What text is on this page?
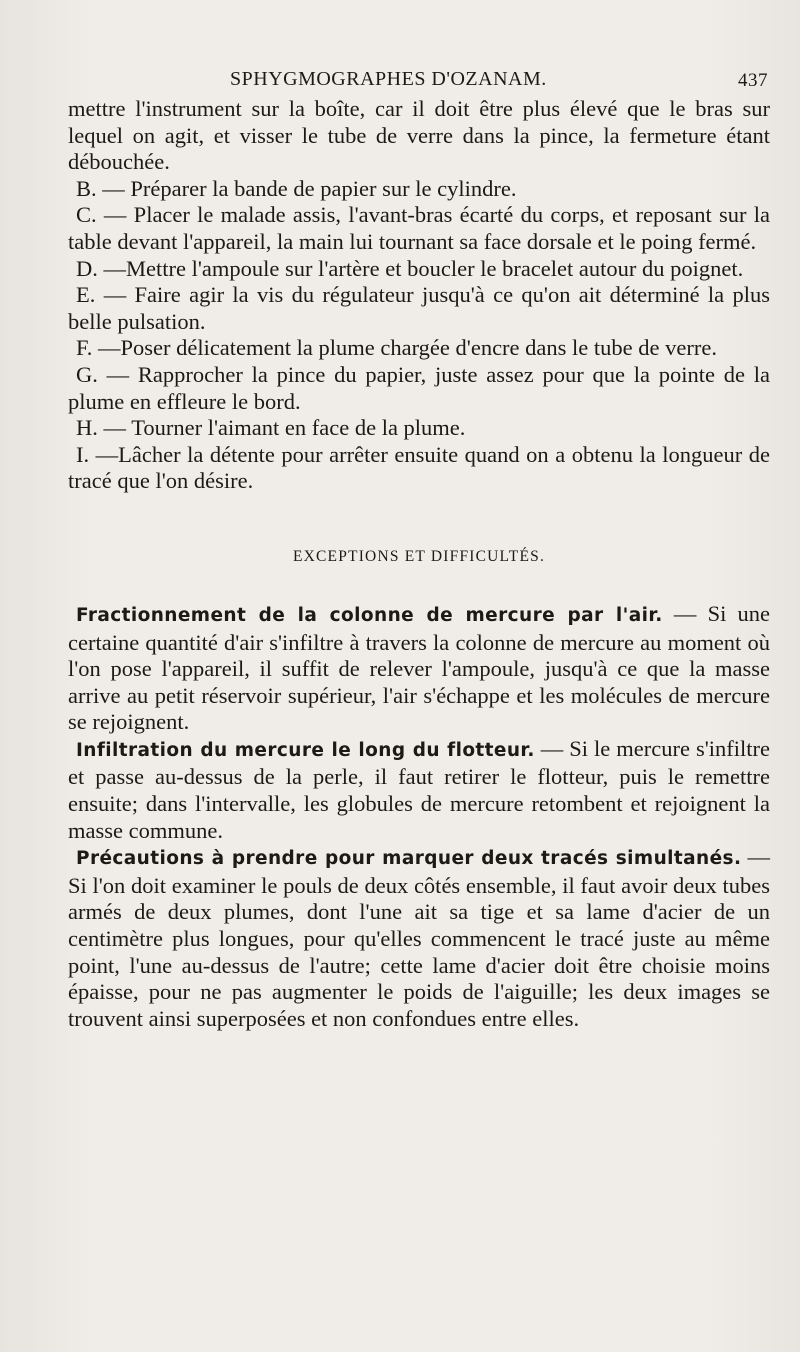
SPHYGMOGRAPHES D'OZANAM.	437

mettre l'instrument sur la boîte, car il doit être plus élevé que le bras sur lequel on agit, et visser le tube de verre dans la pince, la fermeture étant débouchée.

B. — Préparer la bande de papier sur le cylindre.

C. — Placer le malade assis, l'avant-bras écarté du corps, et reposant sur la table devant l'appareil, la main lui tournant sa face dorsale et le poing fermé.

D. —Mettre l'ampoule sur l'artère et boucler le bracelet autour du poignet.

E. — Faire agir la vis du régulateur jusqu'à ce qu'on ait déterminé la plus belle pulsation.

F. —Poser délicatement la plume chargée d'encre dans le tube de verre.

G. — Rapprocher la pince du papier, juste assez pour que la pointe de la plume en effleure le bord.

H. — Tourner l'aimant en face de la plume.

I. —Lâcher la détente pour arrêter ensuite quand on a obtenu la longueur de tracé que l'on désire.

EXCEPTIONS ET DIFFICULTÉS.

Fractionnement de la colonne de mercure par l'air. — Si une certaine quantité d'air s'infiltre à travers la colonne de mercure au moment où l'on pose l'appareil, il suffit de relever l'ampoule, jusqu'à ce que la masse arrive au petit réservoir supérieur, l'air s'échappe et les molécules de mercure se rejoignent.

Infiltration du mercure le long du flotteur. — Si le mercure s'infiltre et passe au-dessus de la perle, il faut retirer le flotteur, puis le remettre ensuite; dans l'intervalle, les globules de mercure retombent et rejoignent la masse commune.

Précautions à prendre pour marquer deux tracés simultanés. — Si l'on doit examiner le pouls de deux côtés ensemble, il faut avoir deux tubes armés de deux plumes, dont l'une ait sa tige et sa lame d'acier de un centimètre plus longues, pour qu'elles commencent le tracé juste au même point, l'une au-dessus de l'autre; cette lame d'acier doit être choisie moins épaisse, pour ne pas augmenter le poids de l'aiguille; les deux images se trouvent ainsi superposées et non confondues entre elles.
